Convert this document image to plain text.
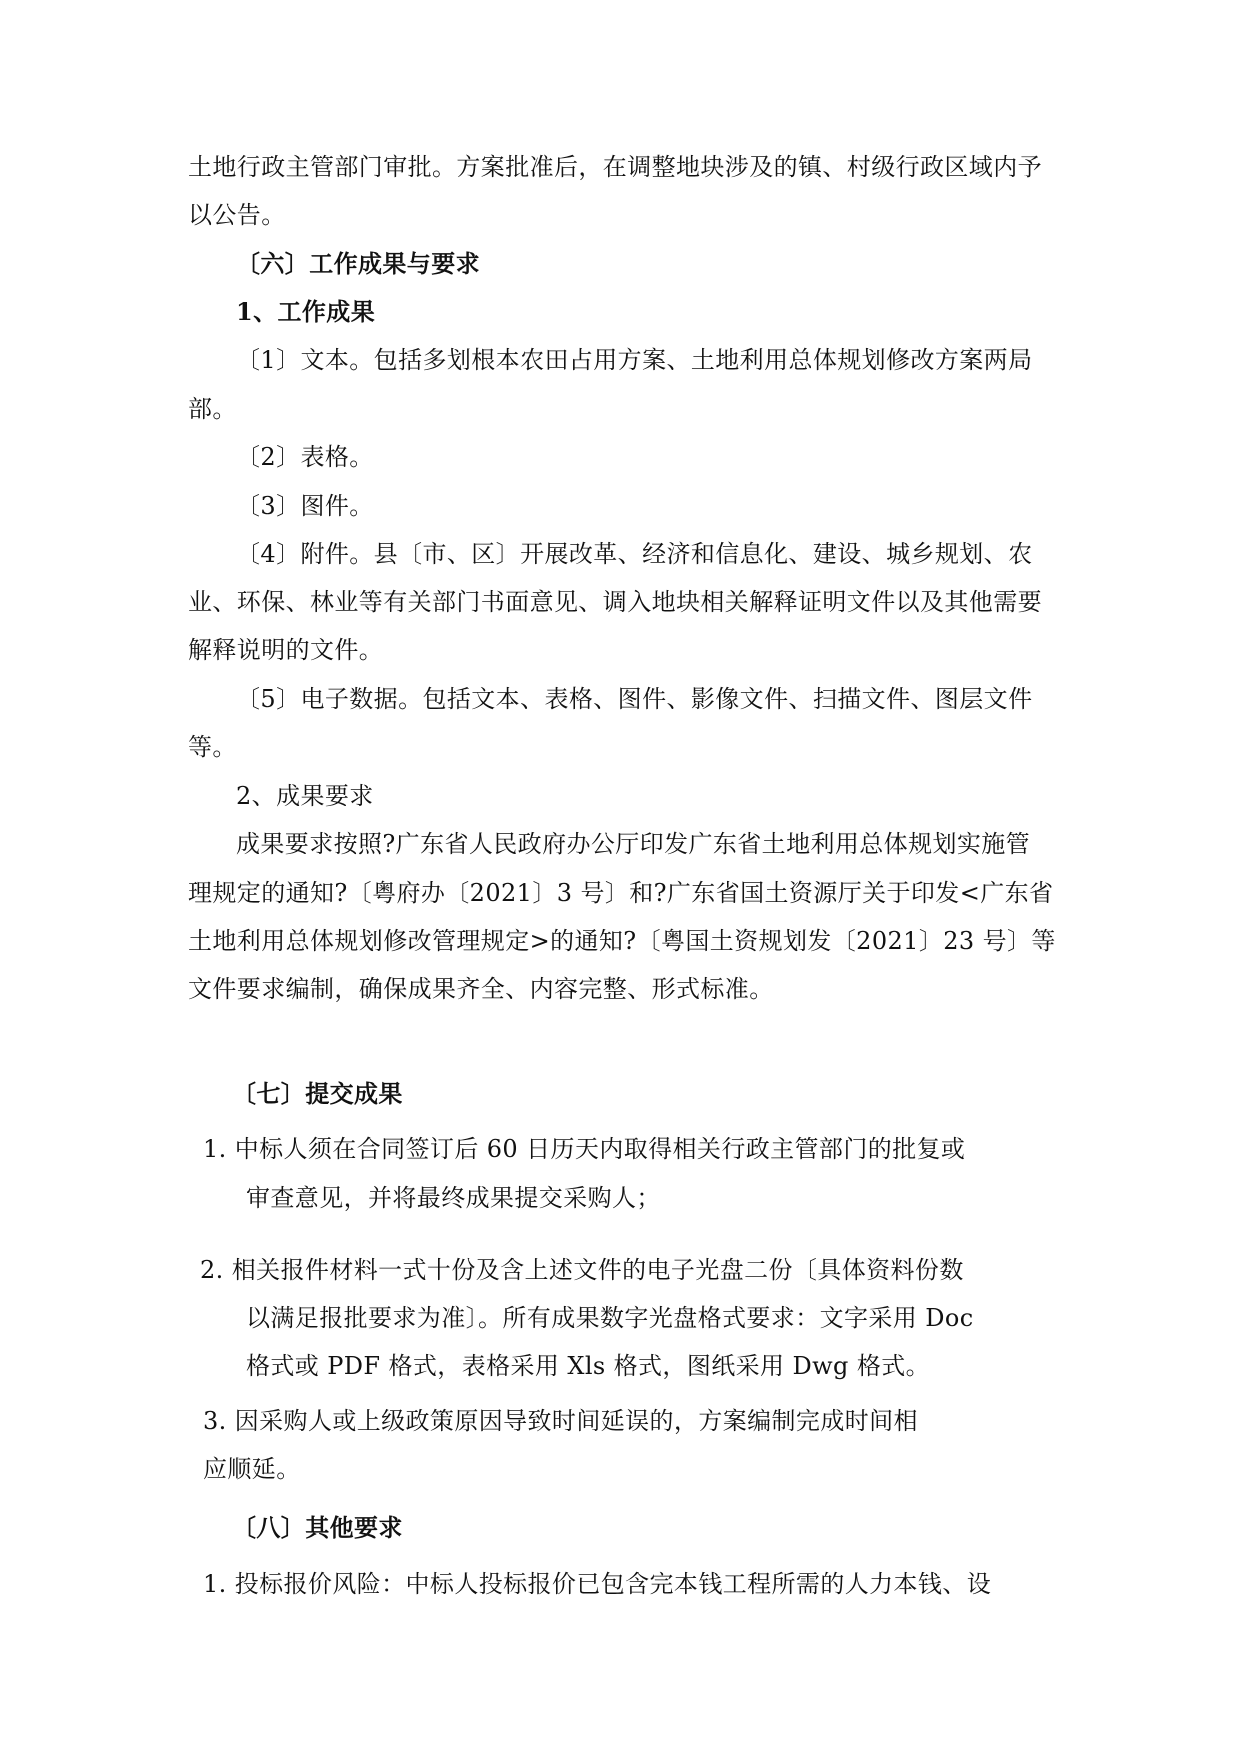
土地行政主管部门审批。方案批准后，在调整地块涉及的镇、村级行政区域内予
以公告。
〔六〕工作成果与要求
1、工作成果
〔1〕文本。包括多划根本农田占用方案、土地利用总体规划修改方案两局
部。
〔2〕表格。
〔3〕图件。
〔4〕附件。县〔市、区〕开展改革、经济和信息化、建设、城乡规划、农
业、环保、林业等有关部门书面意见、调入地块相关解释证明文件以及其他需要
解释说明的文件。
〔5〕电子数据。包括文本、表格、图件、影像文件、扫描文件、图层文件
等。
2、成果要求
成果要求按照?广东省人民政府办公厅印发广东省土地利用总体规划实施管
理规定的通知?〔粤府办〔2021〕3 号〕和?广东省国土资源厅关于印发<广东省
土地利用总体规划修改管理规定>的通知?〔粤国土资规划发〔2021〕23 号〕等
文件要求编制，确保成果齐全、内容完整、形式标准。
〔七〕提交成果
1. 中标人须在合同签订后 60 日历天内取得相关行政主管部门的批复或
审查意见，并将最终成果提交采购人；
2. 相关报件材料一式十份及含上述文件的电子光盘二份〔具体资料份数
以满足报批要求为准〕。所有成果数字光盘格式要求：文字采用 Doc
格式或 PDF 格式，表格采用 Xls 格式，图纸采用 Dwg 格式。
3. 因采购人或上级政策原因导致时间延误的，方案编制完成时间相
应顺延。
〔八〕其他要求
1. 投标报价风险：中标人投标报价已包含完本钱工程所需的人力本钱、设
